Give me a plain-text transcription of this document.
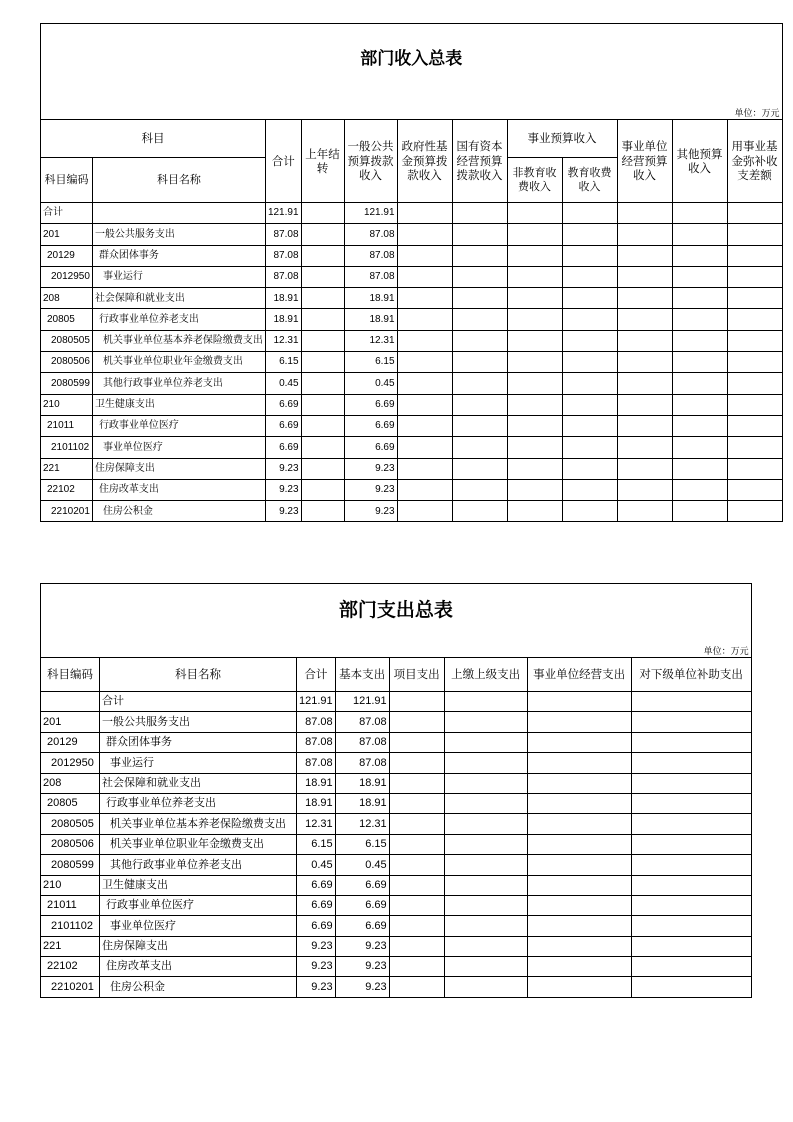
部门收入总表											
单位：万元											
科目		合计	上年结转	一般公共预算拨款收入	政府性基金预算拨款收入	国有资本经营预算拨款收入	事业预算收入		事业单位经营预算收入	其他预算收入	用事业基金弥补收支差额
科目编码	科目名称						非教育收费收入	教育收费收入			
合计		121.91		121.91							
201	一般公共服务支出	87.08		87.08							
20129	群众团体事务	87.08		87.08							
2012950	事业运行	87.08		87.08							
208	社会保障和就业支出	18.91		18.91							
20805	行政事业单位养老支出	18.91		18.91							
2080505	机关事业单位基本养老保险缴费支出	12.31		12.31							
2080506	机关事业单位职业年金缴费支出	6.15		6.15							
2080599	其他行政事业单位养老支出	0.45		0.45							
210	卫生健康支出	6.69		6.69							
21011	行政事业单位医疗	6.69		6.69							
2101102	事业单位医疗	6.69		6.69							
221	住房保障支出	9.23		9.23							
22102	住房改革支出	9.23		9.23							
2210201	住房公积金	9.23		9.23							
部门支出总表							
单位：万元							
科目编码	科目名称	合计	基本支出	项目支出	上缴上级支出	事业单位经营支出	对下级单位补助支出
	合计	121.91	121.91				
201	一般公共服务支出	87.08	87.08				
20129	群众团体事务	87.08	87.08				
2012950	事业运行	87.08	87.08				
208	社会保障和就业支出	18.91	18.91				
20805	行政事业单位养老支出	18.91	18.91				
2080505	机关事业单位基本养老保险缴费支出	12.31	12.31				
2080506	机关事业单位职业年金缴费支出	6.15	6.15				
2080599	其他行政事业单位养老支出	0.45	0.45				
210	卫生健康支出	6.69	6.69				
21011	行政事业单位医疗	6.69	6.69				
2101102	事业单位医疗	6.69	6.69				
221	住房保障支出	9.23	9.23				
22102	住房改革支出	9.23	9.23				
2210201	住房公积金	9.23	9.23				
